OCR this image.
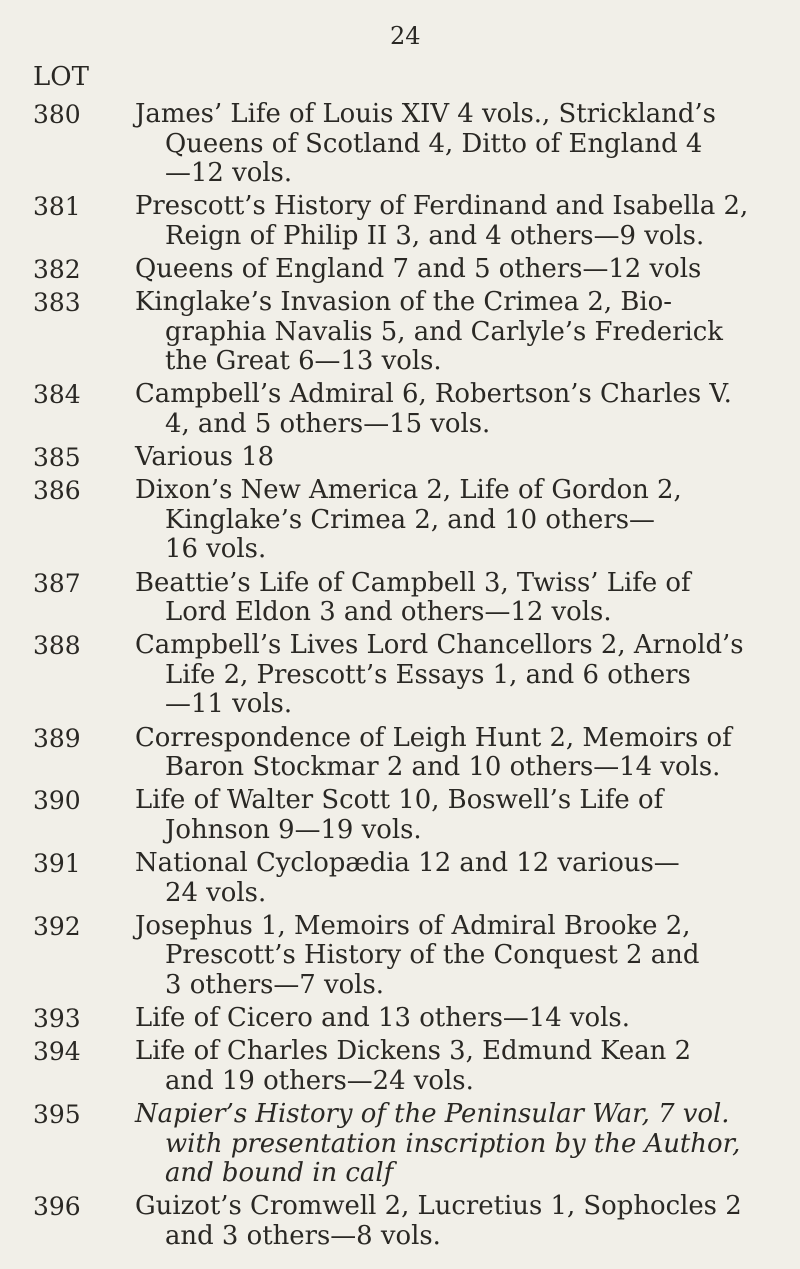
24
LOT
380 James’ Life of Louis XIV 4 vols., Strickland’s
Queens of Scotland 4, Ditto of England 4
—12 vols.
381 Prescott’s History of Ferdinand and Isabella 2,
Reign of Philip II 3, and 4 others—9 vols.
382 Queens of England 7 and 5 others—12 vols
383 Kinglake’s Invasion of the Crimea 2, Bio-
graphia Navalis 5, and Carlyle’s Frederick
the Great 6—13 vols.
384 Campbell’s Admiral 6, Robertson’s Charles V.
4, and 5 others—15 vols.
385 Various 18
386 Dixon’s New America 2, Life of Gordon 2,
Kinglake’s Crimea 2, and 10 others—
16 vols.
387 Beattie’s Life of Campbell 3, Twiss’ Life of
Lord Eldon 3 and others—12 vols.
388 Campbell’s Lives Lord Chancellors 2, Arnold’s
Life 2, Prescott’s Essays 1, and 6 others
—11 vols.
389 Correspondence of Leigh Hunt 2, Memoirs of
Baron Stockmar 2 and 10 others—14 vols.
390 Life of Walter Scott 10, Boswell’s Life of
Johnson 9—19 vols.
391 National Cyclopædia 12 and 12 various—
24 vols.
392 Josephus 1, Memoirs of Admiral Brooke 2,
Prescott’s History of the Conquest 2 and
3 others—7 vols.
393 Life of Cicero and 13 others—14 vols.
394 Life of Charles Dickens 3, Edmund Kean 2
and 19 others—24 vols.
395 Napier’s History of the Peninsular War, 7 vol.
with presentation inscription by the Author,
and bound in calf
396 Guizot’s Cromwell 2, Lucretius 1, Sophocles 2
and 3 others—8 vols.
